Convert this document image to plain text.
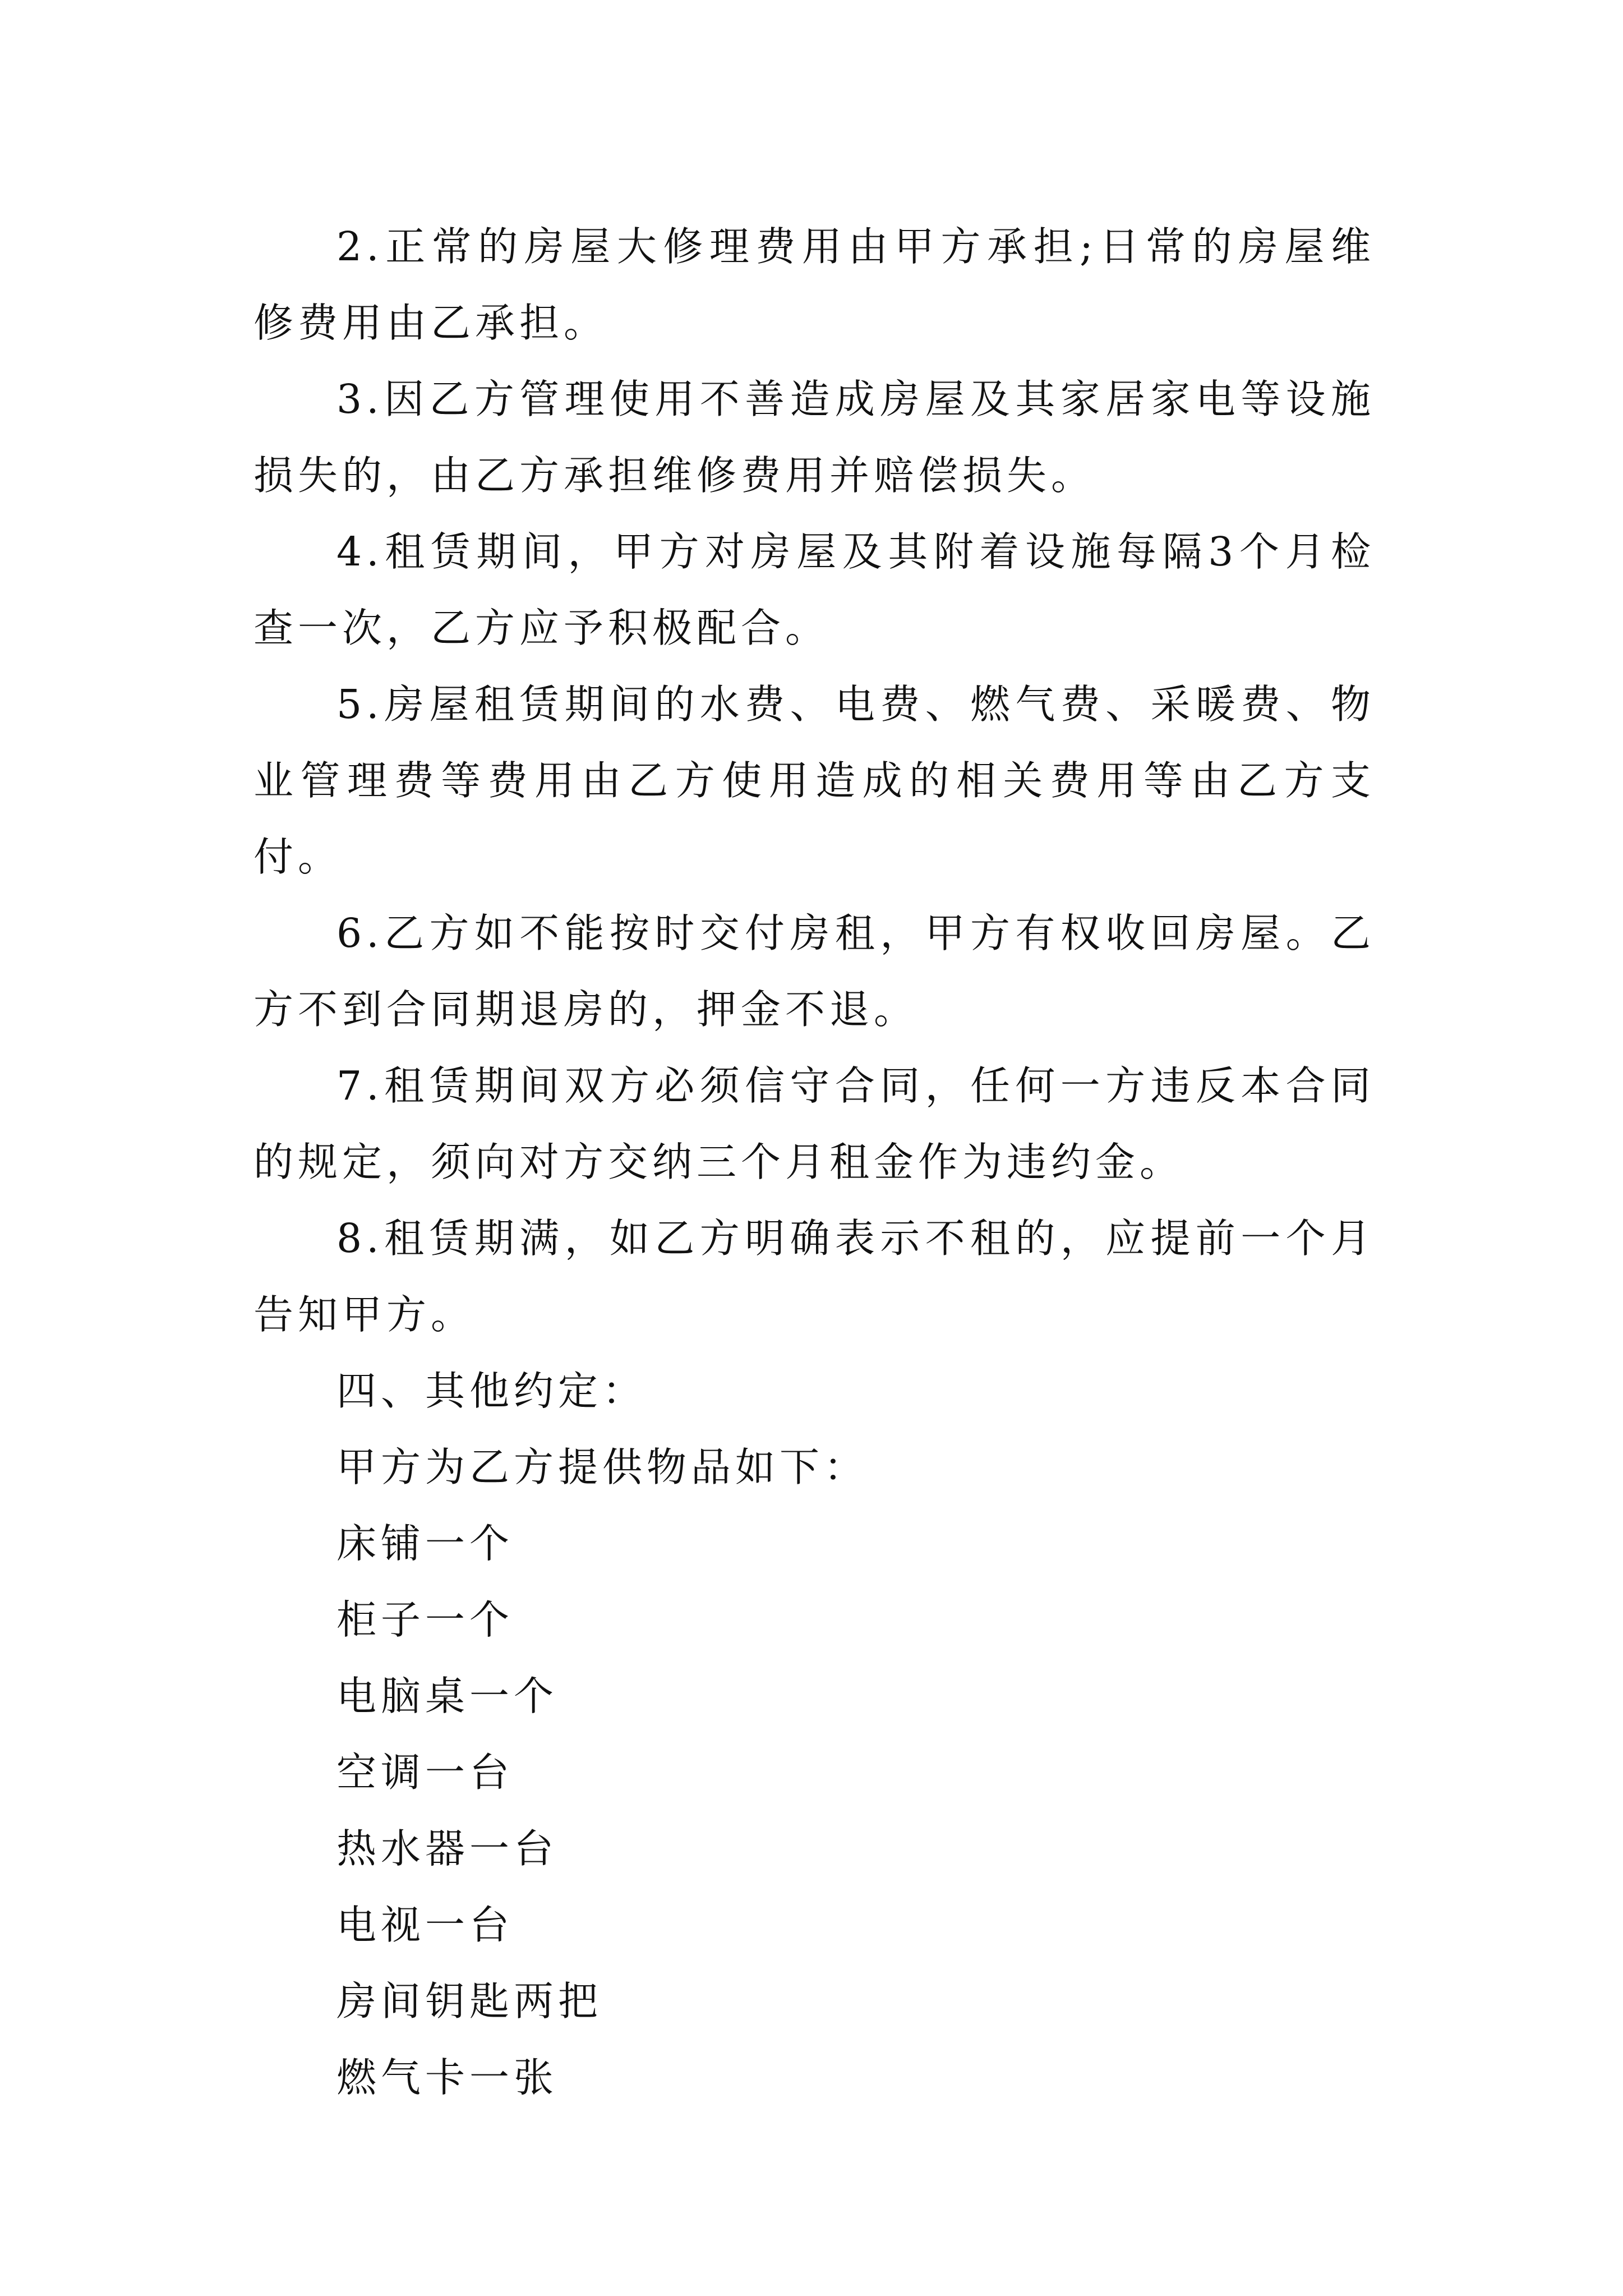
2.正常的房屋大修理费用由甲方承担;日常的房屋维修费用由乙承担。

3.因乙方管理使用不善造成房屋及其家居家电等设施损失的，由乙方承担维修费用并赔偿损失。

4.租赁期间，甲方对房屋及其附着设施每隔3个月检查一次，乙方应予积极配合。

5.房屋租赁期间的水费、电费、燃气费、采暖费、物业管理费等费用由乙方使用造成的相关费用等由乙方支付。

6.乙方如不能按时交付房租，甲方有权收回房屋。乙方不到合同期退房的，押金不退。

7.租赁期间双方必须信守合同，任何一方违反本合同的规定，须向对方交纳三个月租金作为违约金。

8.租赁期满，如乙方明确表示不租的，应提前一个月告知甲方。

四、其他约定：

甲方为乙方提供物品如下：

床铺一个

柜子一个

电脑桌一个

空调一台

热水器一台

电视一台

房间钥匙两把

燃气卡一张
